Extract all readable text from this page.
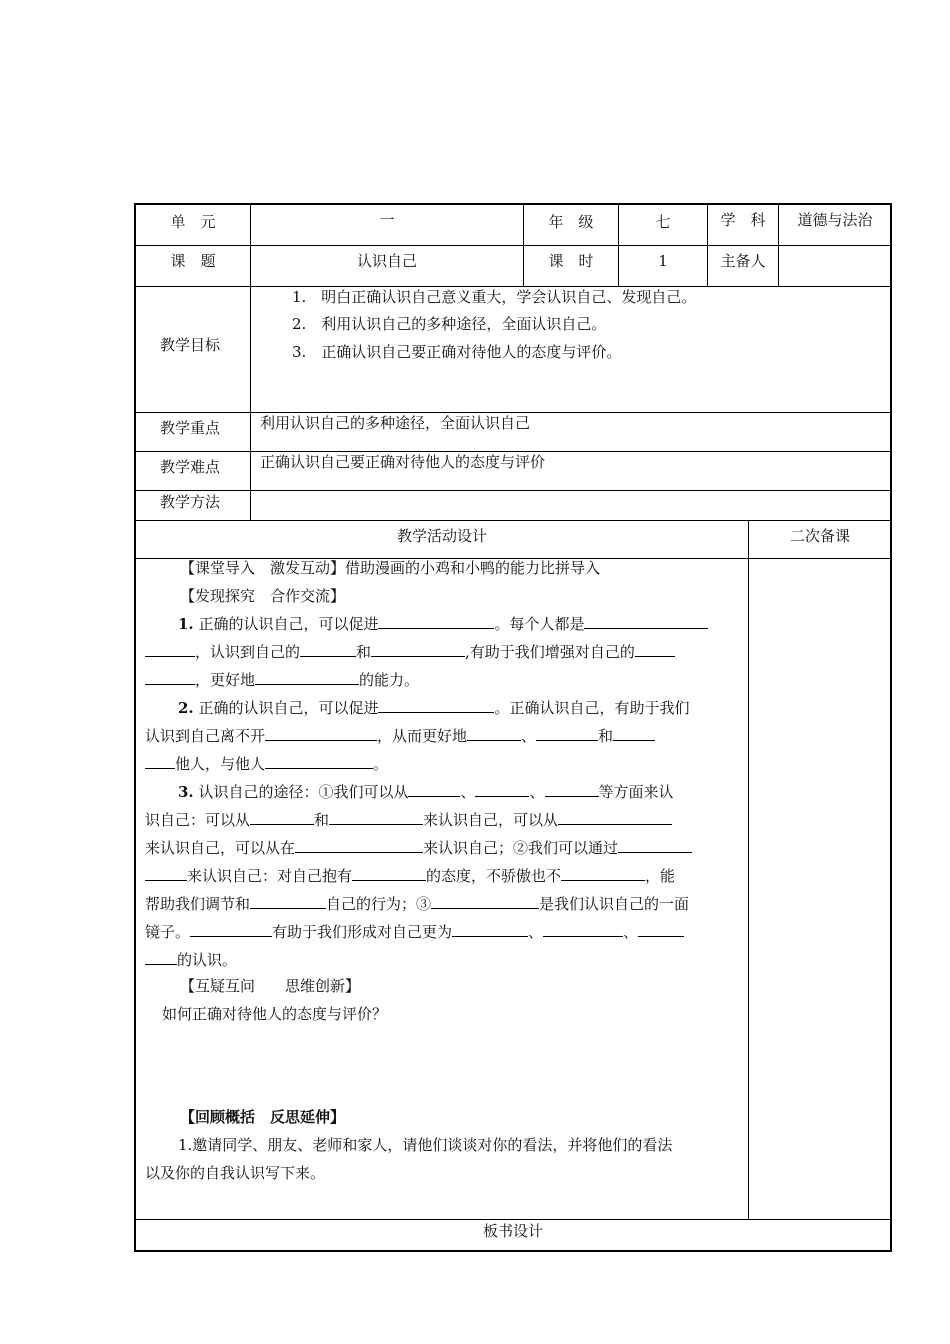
单　元	一	年　级	七	学　科	道德与法治
课　题	认识自己	课　时	1	主备人
教学目标
1.　明白正确认识自己意义重大，学会认识自己、发现自己。
2.　利用认识自己的多种途径，全面认识自己。
3.　正确认识自己要正确对待他人的态度与评价。
教学重点	利用认识自己的多种途径，全面认识自己
教学难点	正确认识自己要正确对待他人的态度与评价
教学方法
教学活动设计	二次备课
【课堂导入　激发互动】借助漫画的小鸡和小鸭的能力比拼导入
【发现探究　合作交流】
1. 正确的认识自己，可以促进	。每个人都是
，认识到自己的	和	,有助于我们增强对自己的
，更好地	的能力。
2. 正确的认识自己，可以促进	。正确认识自己，有助于我们
认识到自己离不开	，从而更好地	、	和
他人，与他人	。
3. 认识自己的途径：①我们可以从	、	、	等方面来认
识自己：可以从	和	来认识自己，可以从
来认识自己，可以从在	来认识自己；②我们可以通过
来认识自己：对自己抱有	的态度，不骄傲也不	，能
帮助我们调节和	自己的行为；③	是我们认识自己的一面
镜子。	有助于我们形成对自己更为	、	、
的认识。
【互疑互问　　思维创新】
如何正确对待他人的态度与评价？
【回顾概括　反思延伸】
1.邀请同学、朋友、老师和家人，请他们谈谈对你的看法，并将他们的看法
以及你的自我认识写下来。
板书设计
